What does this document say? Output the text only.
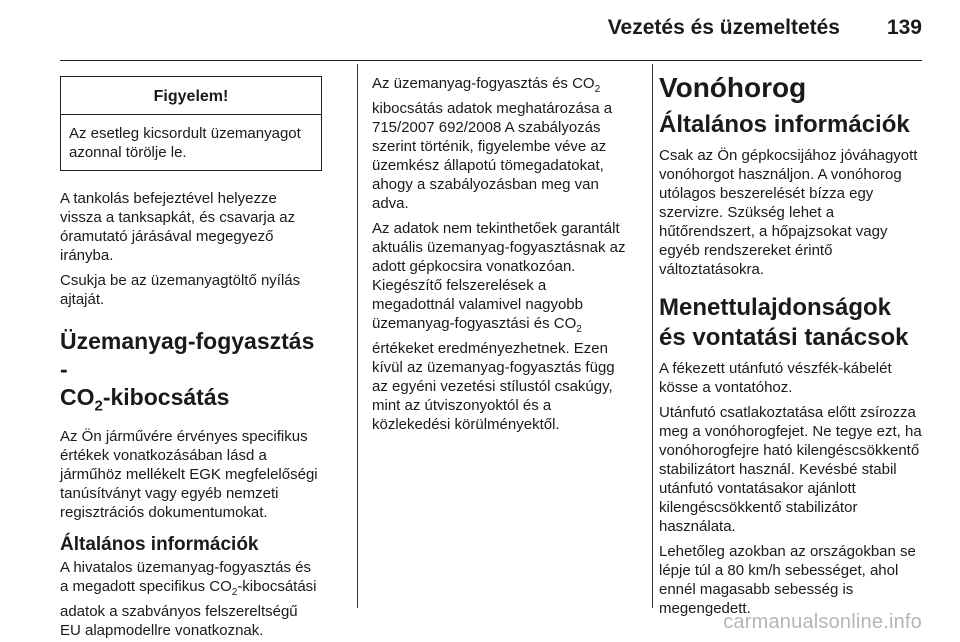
Vezetés és üzemeltetés 139
Figyelem!
Az esetleg kicsordult üzemanyagot azonnal törölje le.

A tankolás befejeztével helyezze vissza a tanksapkát, és csavarja az óramutató járásával megegyező irányba.

Csukja be az üzemanyagtöltő nyílás ajtaját.

Üzemanyag-fogyasztás -
$CO_2$-kibocsátás

Az Ön járművére érvényes specifikus értékek vonatkozásában lásd a járműhöz mellékelt EGK megfelelőségi tanúsítványt vagy egyéb nemzeti regisztrációs dokumentumokat.

Általános információk

A hivatalos üzemanyag-fogyasztás és a megadott specifikus $CO_2$-kibocsátási adatok a szabványos felszereltségű EU alapmodellre vonatkoznak.

Az üzemanyag-fogyasztás és $CO_2$ kibocsátás adatok meghatározása a 715/2007 692/2008 A szabályozás szerint történik, figyelembe véve az üzemkész állapotú tömegadatokat, ahogy a szabályozásban meg van adva.

Az adatok nem tekinthetőek garantált aktuális üzemanyag-fogyasztásnak az adott gépkocsira vonatkozóan. Kiegészítő felszerelések a megadottnál valamivel nagyobb üzemanyag-fogyasztási és $CO_2$ értékeket eredményezhetnek. Ezen kívül az üzemanyag-fogyasztás függ az egyéni vezetési stílustól csakúgy, mint az útviszonyoktól és a közlekedési körülményektől.

Vonóhorog
Általános információk

Csak az Ön gépkocsijához jóváhagyott vonóhorgot használjon. A vonóhorog utólagos beszerelését bízza egy szervizre. Szükség lehet a hűtőrendszert, a hőpajzsokat vagy egyéb rendszereket érintő változtatásokra.

Menettulajdonságok és vontatási tanácsok

A fékezett utánfutó vészfék-kábelét kösse a vontatóhoz.

Utánfutó csatlakoztatása előtt zsírozza meg a vonóhorogfejet. Ne tegye ezt, ha vonóhorogfejre ható kilengéscsökkentő stabilizátort használ. Kevésbé stabil utánfutó vontatásakor ajánlott kilengéscsökkentő stabilizátor használata.

Lehetőleg azokban az országokban se lépje túl a 80 km/h sebességet, ahol ennél magasabb sebesség is megengedett.

carmanualsonline.info
